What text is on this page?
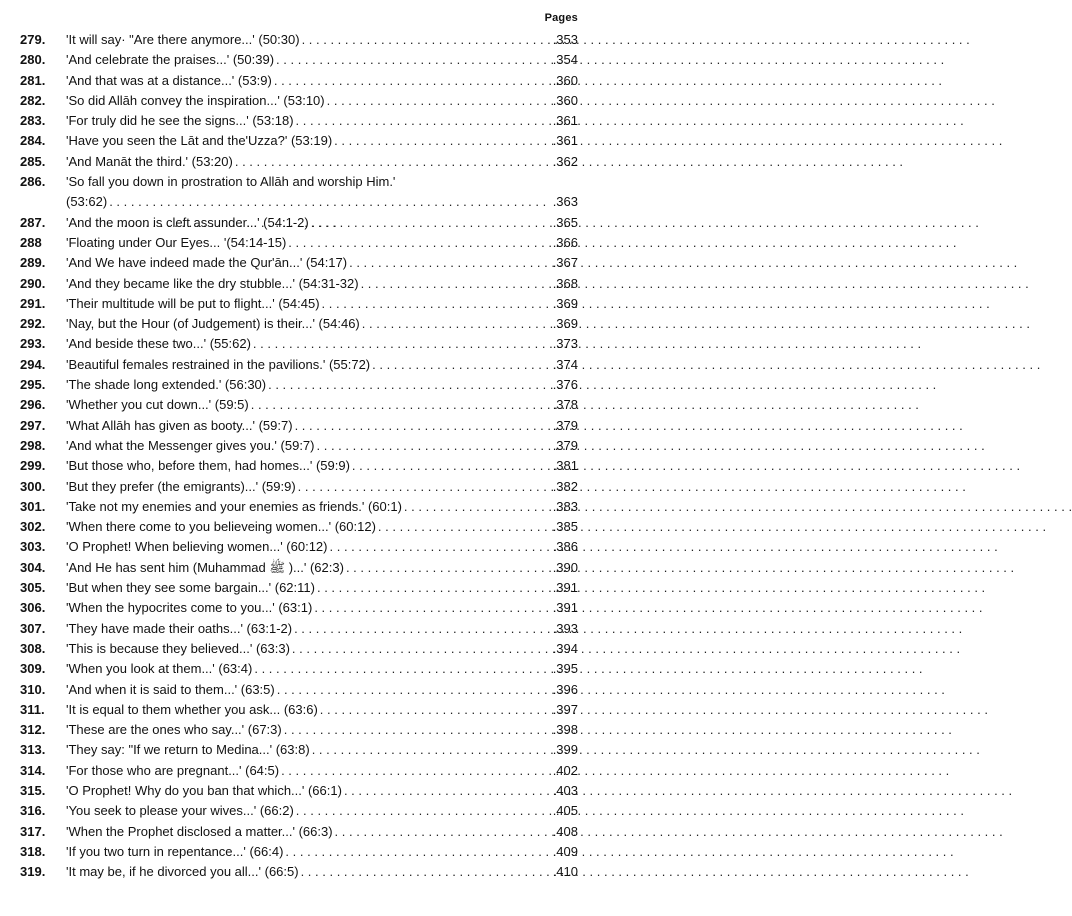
Pages
279.	'It will say· "Are there anymore...' (50:30) . . .	.353
280.	'And celebrate the praises...' (50:39) . . .	.354
281.	'And that was at a distance...' (53:9) . . .	.360
282.	'So did Allāh convey the inspiration...' (53:10) . . .	.360
283.	'For truly did he see the signs...' (53:18) . . .	.361
284.	'Have you seen the Lāt and the'Uzza?' (53:19) . . .	.361
285.	'And Manāt the third.' (53:20) . . .	.362
286.	'So fall you down in prostration to Allāh and worship Him.'
(53:62) . . .	.363
287.	'And the moon is cleft assunder...' (54:1-2) . . .	.365
288	'Floating under Our Eyes... '(54:14-15) . . .	.366
289.	'And We have indeed made the Qur'ān...' (54:17) . . .	.367
290.	'And they became like the dry stubble...' (54:31-32) . . .	.368
291.	'Their multitude will be put to flight...' (54:45) . . .	.369
292.	'Nay, but the Hour (of Judgement) is their...' (54:46) . . .	.369
293.	'And beside these two...' (55:62) . . .	.373
294.	'Beautiful females restrained in the pavilions.' (55:72) . . .	.374
295.	'The shade long extended.' (56:30) . . .	.376
296.	'Whether you cut down...' (59:5) . . .	.378
297.	'What Allāh has given as booty...' (59:7) . . .	.379
298.	'And what the Messenger gives you.' (59:7) . . .	.379
299.	'But those who, before them, had homes...' (59:9) . . .	.381
300.	'But they prefer (the emigrants)...' (59:9) . . .	.382
301.	'Take not my enemies and your enemies as friends.' (60:1) . . .	.383
302.	'When there come to you believeing women...' (60:12) . . .	.385
303.	'O Prophet! When believing women...' (60:12) . . .	.386
304.	'And He has sent him (Muhammad ﷺ )...' (62:3) . . .	.390
305.	'But when they see some bargain...' (62:11) . . .	.391
306.	'When the hypocrites come to you...' (63:1) . . .	.391
307.	'They have made their oaths...' (63:1-2) . . .	.393
308.	'This is because they believed...' (63:3) . . .	.394
309.	'When you look at them...' (63:4) . . .	.395
310.	'And when it is said to them...' (63:5) . . .	.396
311.	'It is equal to them whether you ask... (63:6) . . .	.397
312.	'These are the ones who say...' (67:3) . . .	.398
313.	'They say: "If we return to Medina...' (63:8) . . .	.399
314.	'For those who are pregnant...' (64:5) . . .	.402
315.	'O Prophet! Why do you ban that which...' (66:1) . . .	.403
316.	'You seek to please your wives...' (66:2) . . .	.405
317.	'When the Prophet disclosed a matter...' (66:3) . . .	.408
318.	'If you two turn in repentance...' (66:4) . . .	.409
319.	'It may be, if he divorced you all...' (66:5) . . .	.410
